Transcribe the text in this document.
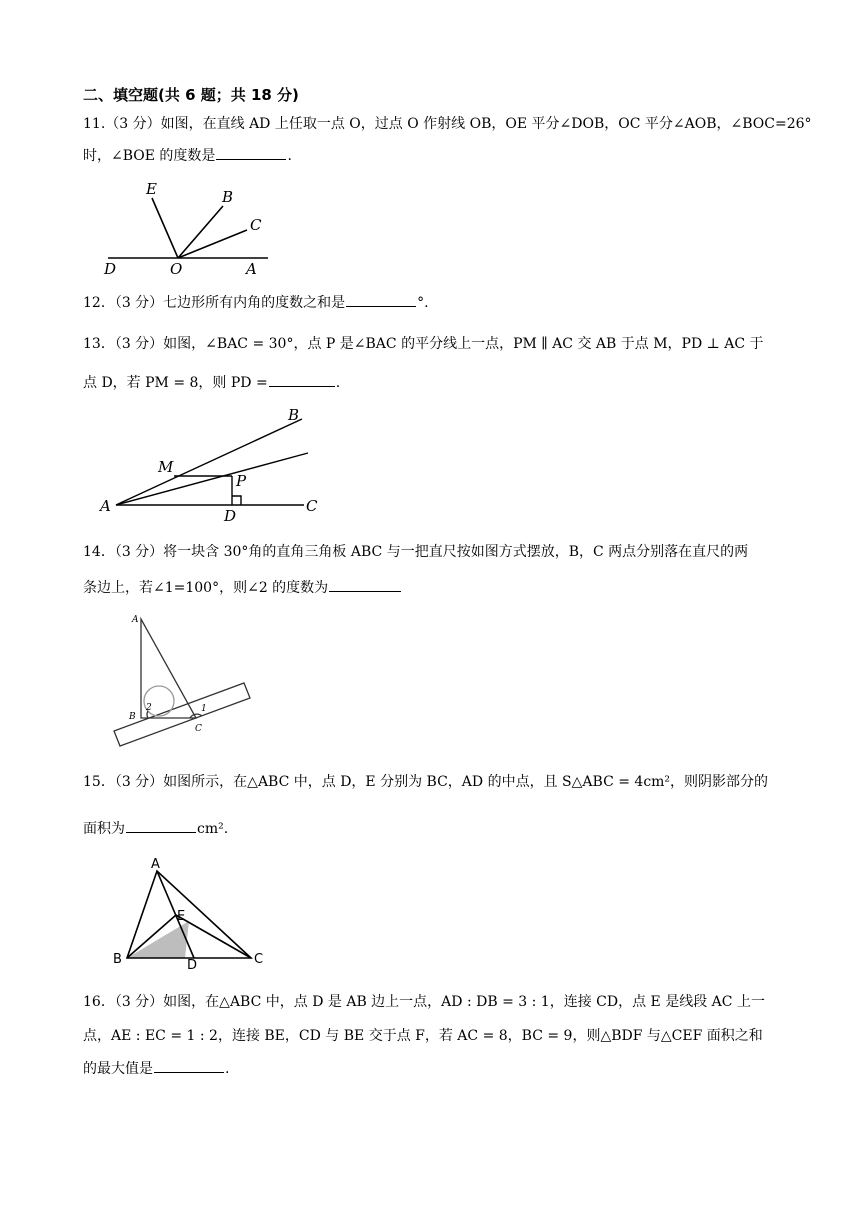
二、填空题(共 6 题；共 18 分)
11.（3 分）如图，在直线 AD 上任取一点 O，过点 O 作射线 OB，OE 平分∠DOB，OC 平分∠AOB，∠BOC=26°
时，∠BOE 的度数是	.
E	B
C
D	O	A
12．（3 分）七边形所有内角的度数之和是	°.
13．（3 分）如图，∠BAC = 30°，点 P 是∠BAC 的平分线上一点，PM ∥ AC 交 AB 于点 M，PD ⊥ AC 于
点 D，若 PM = 8，则 PD =	.
B
M
P
A
D
C
14．（3 分）将一块含 30°角的直角三角板 ABC 与一把直尺按如图方式摆放，B，C 两点分别落在直尺的两
条边上，若∠1=100°，则∠2 的度数为
A
B
2	1
C
15．（3 分）如图所示，在△ABC 中，点 D，E 分别为 BC，AD 的中点，且 S△ABC = 4cm²，则阴影部分的
面积为	cm².
A
E
B	D	C
16．（3 分）如图，在△ABC 中，点 D 是 AB 边上一点，AD : DB = 3 : 1，连接 CD，点 E 是线段 AC 上一
点，AE : EC = 1 : 2，连接 BE，CD 与 BE 交于点 F，若 AC = 8，BC = 9，则△BDF 与△CEF 面积之和
的最大值是	.
